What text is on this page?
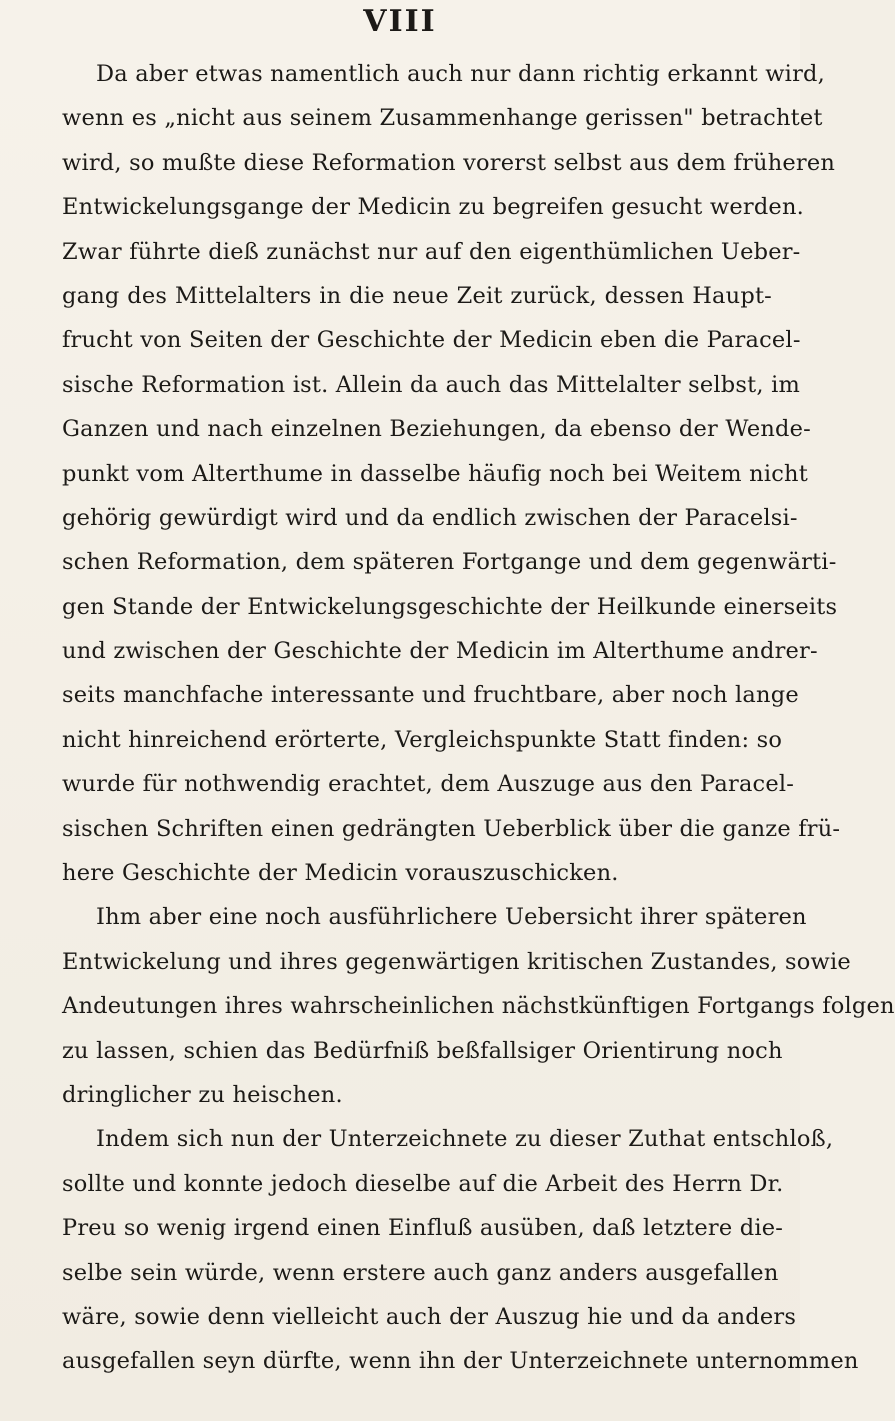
VIII
Da aber etwas namentlich auch nur dann richtig erkannt wird,
wenn es „nicht aus seinem Zusammenhange gerissen" betrachtet
wird, so mußte diese Reformation vorerst selbst aus dem früheren
Entwickelungsgange der Medicin zu begreifen gesucht werden.
Zwar führte dieß zunächst nur auf den eigenthümlichen Ueber-
gang des Mittelalters in die neue Zeit zurück, dessen Haupt-
frucht von Seiten der Geschichte der Medicin eben die Paracel-
sische Reformation ist. Allein da auch das Mittelalter selbst, im
Ganzen und nach einzelnen Beziehungen, da ebenso der Wende-
punkt vom Alterthume in dasselbe häufig noch bei Weitem nicht
gehörig gewürdigt wird und da endlich zwischen der Paracelsi-
schen Reformation, dem späteren Fortgange und dem gegenwärti-
gen Stande der Entwickelungsgeschichte der Heilkunde einerseits
und zwischen der Geschichte der Medicin im Alterthume andrer-
seits manchfache interessante und fruchtbare, aber noch lange
nicht hinreichend erörterte, Vergleichspunkte Statt finden: so
wurde für nothwendig erachtet, dem Auszuge aus den Paracel-
sischen Schriften einen gedrängten Ueberblick über die ganze frü-
here Geschichte der Medicin vorauszuschicken.
Ihm aber eine noch ausführlichere Uebersicht ihrer späteren
Entwickelung und ihres gegenwärtigen kritischen Zustandes, sowie
Andeutungen ihres wahrscheinlichen nächstkünftigen Fortgangs folgen
zu lassen, schien das Bedürfniß beßfallsiger Orientirung noch
dringlicher zu heischen.
Indem sich nun der Unterzeichnete zu dieser Zuthat entschloß,
sollte und konnte jedoch dieselbe auf die Arbeit des Herrn Dr.
Preu so wenig irgend einen Einfluß ausüben, daß letztere die-
selbe sein würde, wenn erstere auch ganz anders ausgefallen
wäre, sowie denn vielleicht auch der Auszug hie und da anders
ausgefallen seyn dürfte, wenn ihn der Unterzeichnete unternommen
